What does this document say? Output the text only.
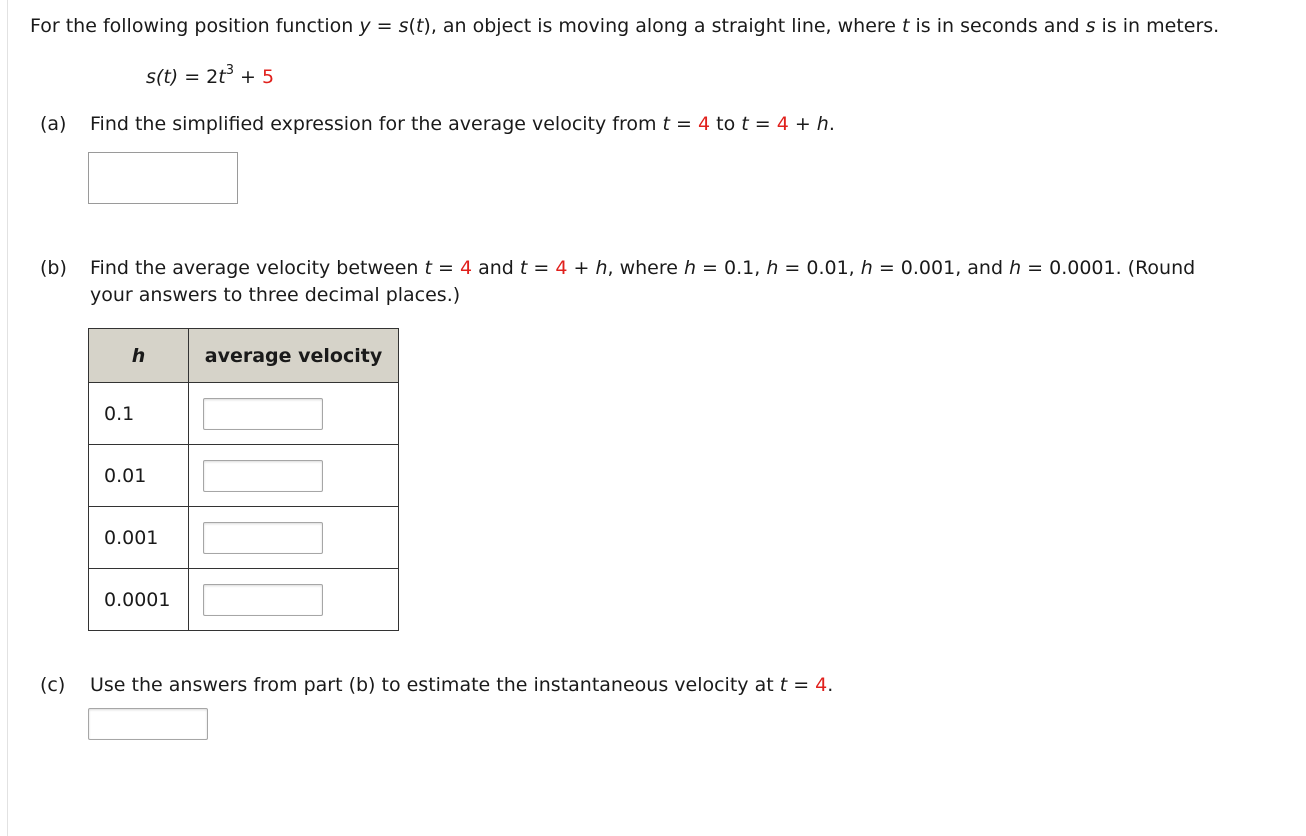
For the following position function y = s(t), an object is moving along a straight line, where t is in seconds and s is in meters.
$s(t) = 2t^3 + 5$
(a) Find the simplified expression for the average velocity from t = 4 to t = 4 + h.
(b) Find the average velocity between t = 4 and t = 4 + h, where h = 0.1, h = 0.01, h = 0.001, and h = 0.0001. (Round
your answers to three decimal places.)
h	average velocity
0.1	

0.01	

0.001	

0.0001	
(c) Use the answers from part (b) to estimate the instantaneous velocity at t = 4.
